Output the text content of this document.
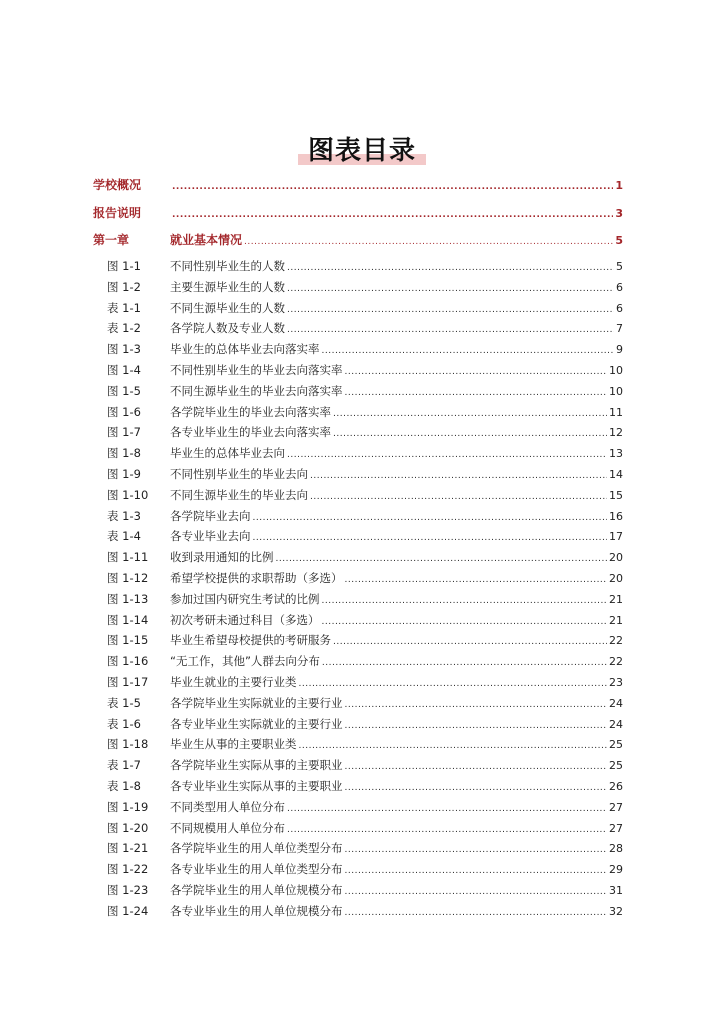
图表目录
学校概况 .....	1
报告说明 .....	3
第一章	就业基本情况 .....	5
图 1-1	不同性别毕业生的人数 .....	5
图 1-2	主要生源毕业生的人数 .....	6
表 1-1	不同生源毕业生的人数 .....	6
表 1-2	各学院人数及专业人数 .....	7
图 1-3	毕业生的总体毕业去向落实率 .....	9
图 1-4	不同性别毕业生的毕业去向落实率 .....	10
图 1-5	不同生源毕业生的毕业去向落实率 .....	10
图 1-6	各学院毕业生的毕业去向落实率 .....	11
图 1-7	各专业毕业生的毕业去向落实率 .....	12
图 1-8	毕业生的总体毕业去向 .....	13
图 1-9	不同性别毕业生的毕业去向 .....	14
图 1-10	不同生源毕业生的毕业去向 .....	15
表 1-3	各学院毕业去向 .....	16
表 1-4	各专业毕业去向 .....	17
图 1-11	收到录用通知的比例 .....	20
图 1-12	希望学校提供的求职帮助（多选） .....	20
图 1-13	参加过国内研究生考试的比例 .....	21
图 1-14	初次考研未通过科目（多选） .....	21
图 1-15	毕业生希望母校提供的考研服务 .....	22
图 1-16	“无工作，其他”人群去向分布 .....	22
图 1-17	毕业生就业的主要行业类 .....	23
表 1-5	各学院毕业生实际就业的主要行业 .....	24
表 1-6	各专业毕业生实际就业的主要行业 .....	24
图 1-18	毕业生从事的主要职业类 .....	25
表 1-7	各学院毕业生实际从事的主要职业 .....	25
表 1-8	各专业毕业生实际从事的主要职业 .....	26
图 1-19	不同类型用人单位分布 .....	27
图 1-20	不同规模用人单位分布 .....	27
图 1-21	各学院毕业生的用人单位类型分布 .....	28
图 1-22	各专业毕业生的用人单位类型分布 .....	29
图 1-23	各学院毕业生的用人单位规模分布 .....	31
图 1-24	各专业毕业生的用人单位规模分布 .....	32
